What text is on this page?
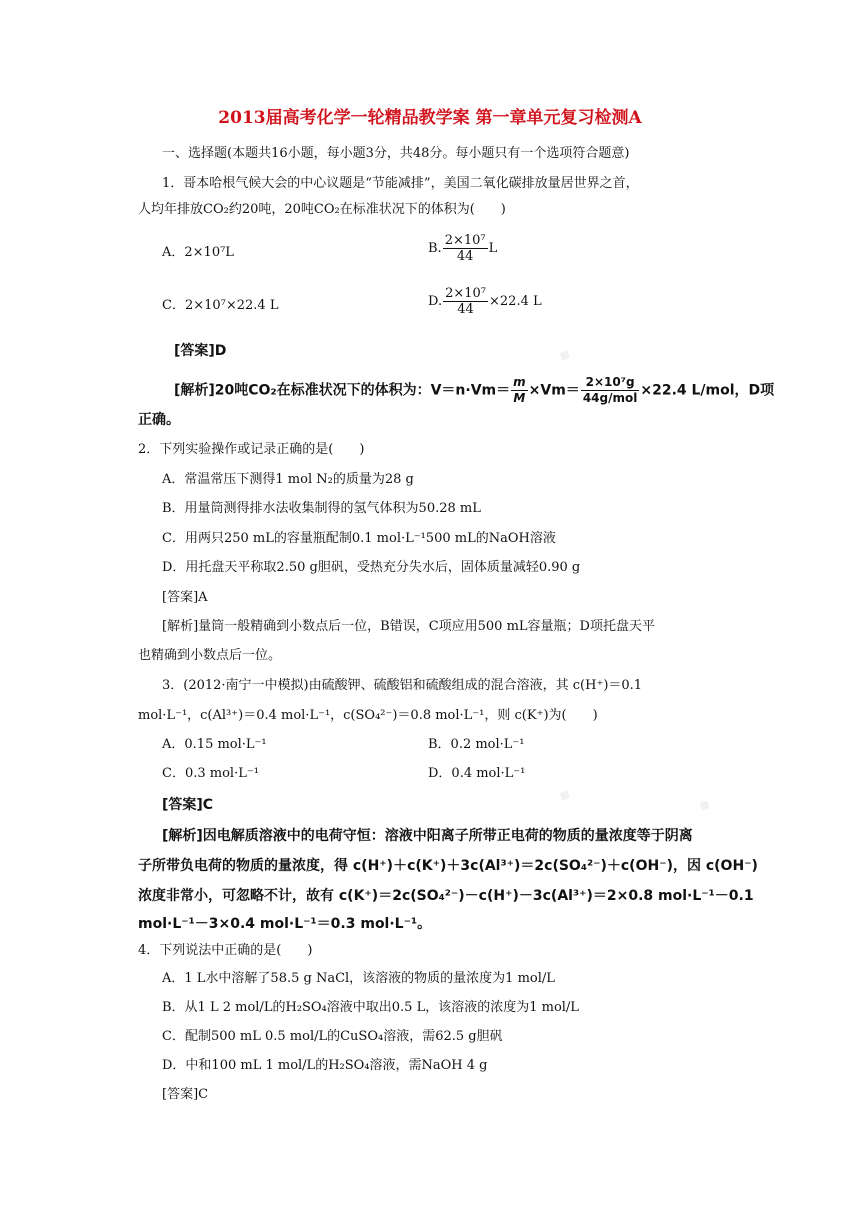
2013届高考化学一轮精品教学案 第一章单元复习检测A
一、选择题(本题共16小题，每小题3分，共48分。每小题只有一个选项符合题意)
1．哥本哈根气候大会的中心议题是“节能减排”，美国二氧化碳排放量居世界之首，
人均年排放CO₂约20吨，20吨CO₂在标准状况下的体积为(　　)
A．2×10⁷L	B. $\frac{\text{2×10⁷}}{44}$ L
C．2×10⁷×22.4 L	D. $\frac{\text{2×10⁷}}{44} \times 22.4$ L
[答案]D
[解析]20吨CO₂在标准状况下的体积为：$V=n\cdot Vm= \frac{m}{M} \times Vm= \frac{\text{2×10⁷g}}{\text{44g/mol}} \times 22.4$ L/mol，D项
正确。
2．下列实验操作或记录正确的是(　　)
A．常温常压下测得1 mol N₂的质量为28 g
B．用量筒测得排水法收集制得的氢气体积为50.28 mL
C．用两只250 mL的容量瓶配制0.1 mol·L⁻¹500 mL的NaOH溶液
D．用托盘天平称取2.50 g胆矾，受热充分失水后，固体质量减轻0.90 g
[答案]A
[解析]量筒一般精确到小数点后一位，B错误，C项应用500 mL容量瓶；D项托盘天平
也精确到小数点后一位。
3．(2012·南宁一中模拟)由硫酸钾、硫酸铝和硫酸组成的混合溶液，其 c(H⁺)＝0.1
mol·L⁻¹，c(Al³⁺)＝0.4 mol·L⁻¹，c(SO₄²⁻)＝0.8 mol·L⁻¹，则 c(K⁺)为(　　)
A．0.15 mol·L⁻¹	B．0.2 mol·L⁻¹
C．0.3 mol·L⁻¹	D．0.4 mol·L⁻¹
[答案]C
[解析]因电解质溶液中的电荷守恒：溶液中阳离子所带正电荷的物质的量浓度等于阴离
子所带负电荷的物质的量浓度，得 c(H⁺)＋c(K⁺)＋3c(Al³⁺)＝2c(SO₄²⁻)＋c(OH⁻)，因 c(OH⁻)
浓度非常小，可忽略不计，故有 c(K⁺)＝2c(SO₄²⁻)－c(H⁺)－3c(Al³⁺)＝2×0.8 mol·L⁻¹－0.1
mol·L⁻¹－3×0.4 mol·L⁻¹＝0.3 mol·L⁻¹。
4．下列说法中正确的是(　　)
A．1 L水中溶解了58.5 g NaCl，该溶液的物质的量浓度为1 mol/L
B．从1 L 2 mol/L的H₂SO₄溶液中取出0.5 L，该溶液的浓度为1 mol/L
C．配制500 mL 0.5 mol/L的CuSO₄溶液，需62.5 g胆矾
D．中和100 mL 1 mol/L的H₂SO₄溶液，需NaOH 4 g
[答案]C
▦
▦
▦
